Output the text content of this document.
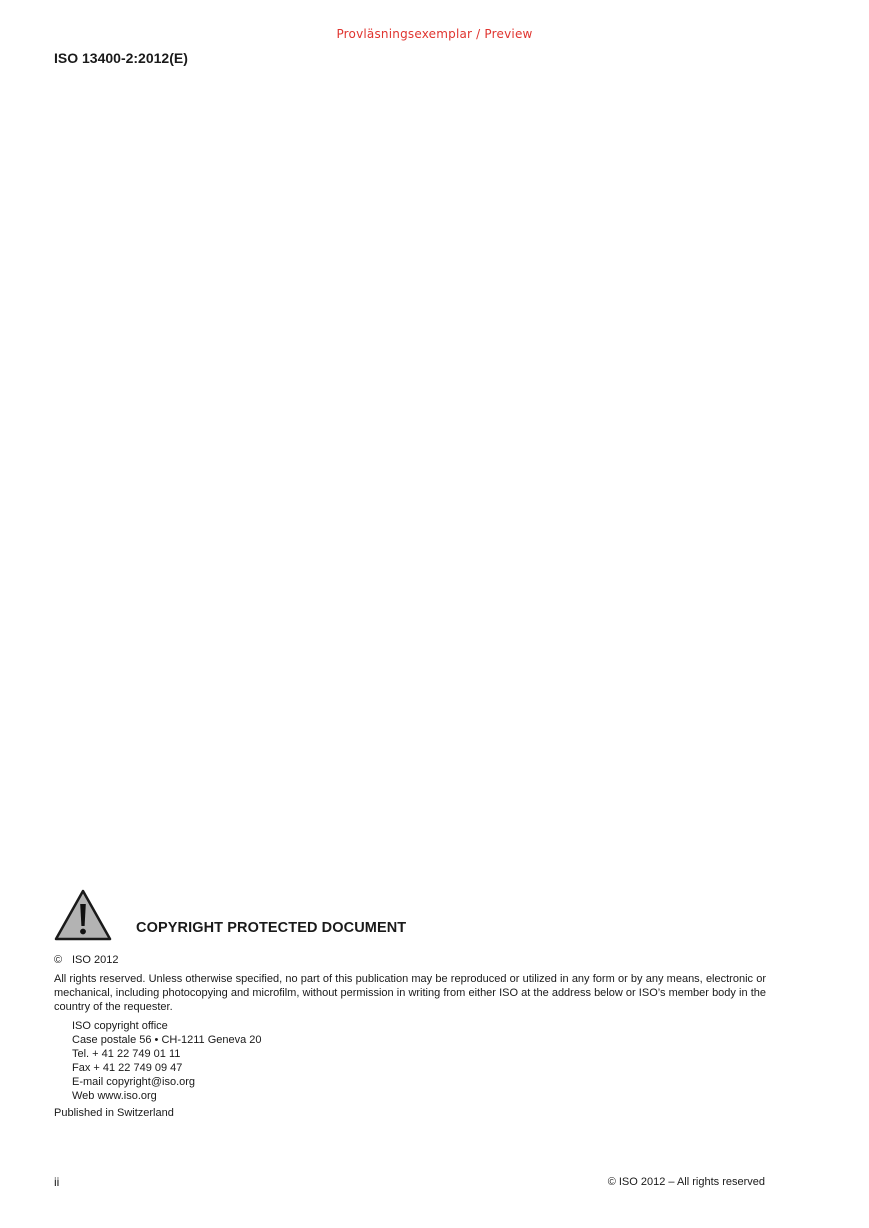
Provläsningsexemplar / Preview
ISO 13400-2:2012(E)
COPYRIGHT PROTECTED DOCUMENT
© ISO 2012
All rights reserved. Unless otherwise specified, no part of this publication may be reproduced or utilized in any form or by any means, electronic or mechanical, including photocopying and microfilm, without permission in writing from either ISO at the address below or ISO’s member body in the country of the requester.
ISO copyright office
Case postale 56 • CH-1211 Geneva 20
Tel. + 41 22 749 01 11
Fax + 41 22 749 09 47
E-mail copyright@iso.org
Web www.iso.org
Published in Switzerland
ii	© ISO 2012 – All rights reserved
